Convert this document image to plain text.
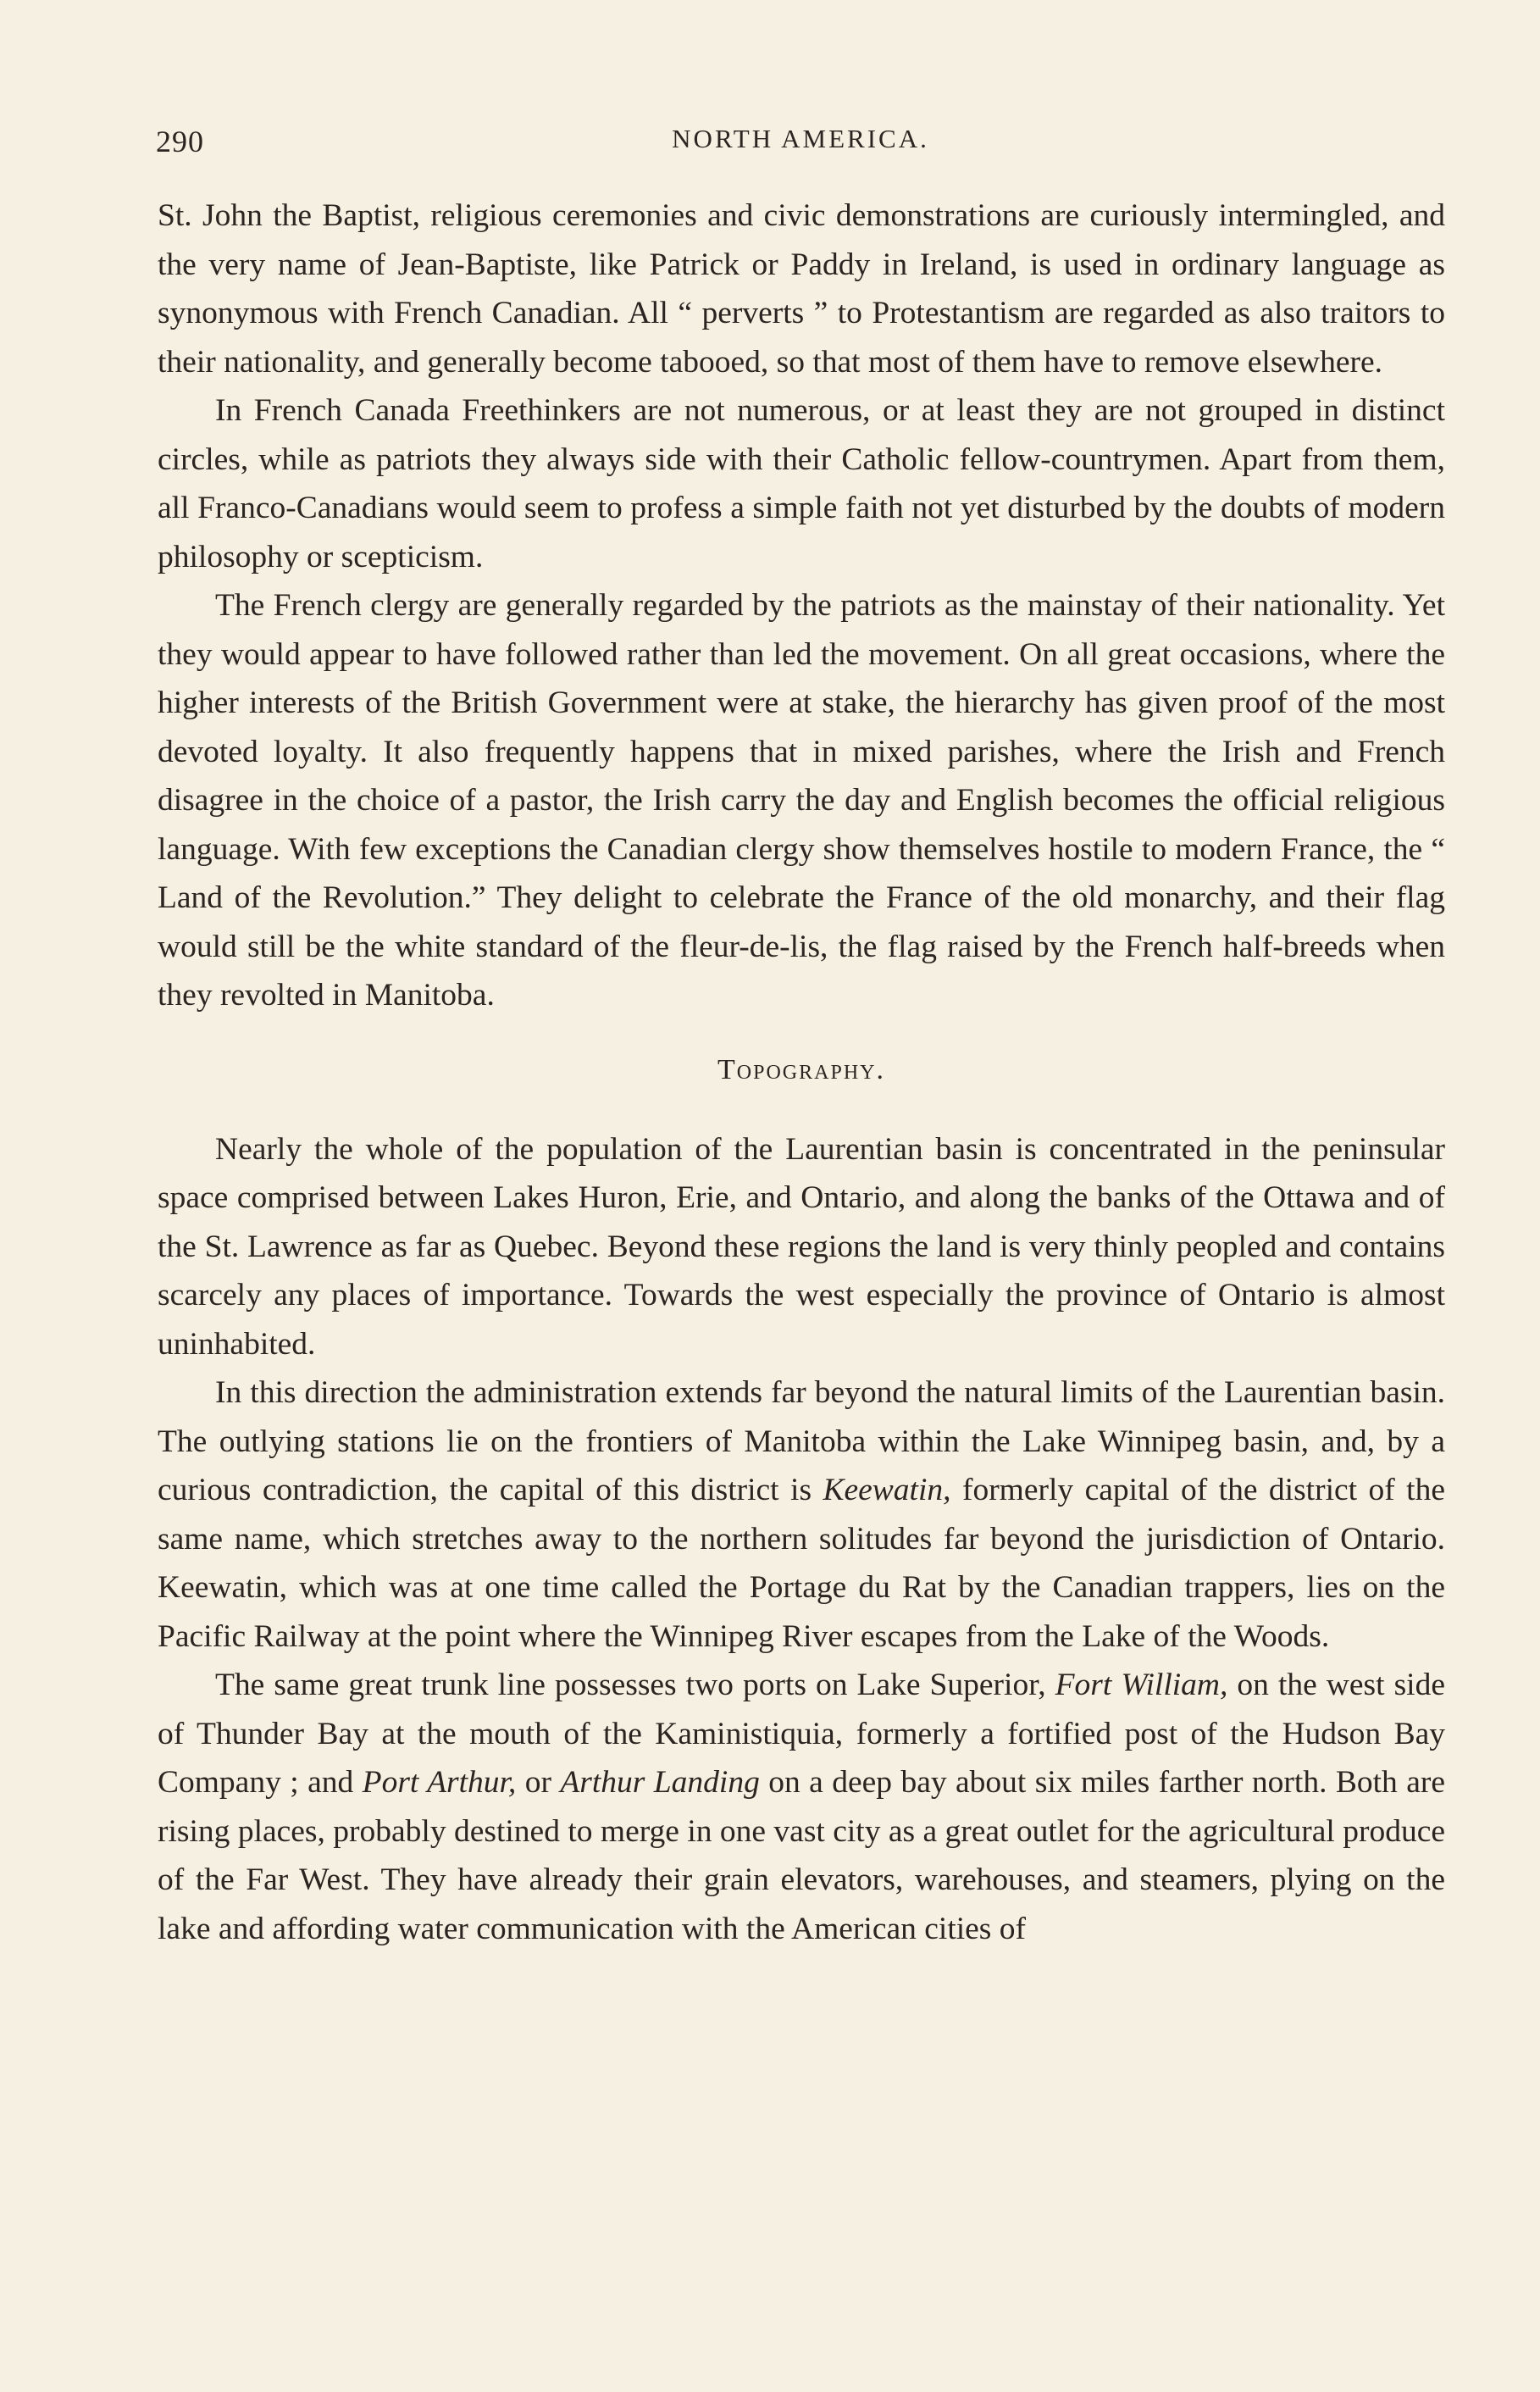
290	NORTH AMERICA.

St. John the Baptist, religious ceremonies and civic demonstrations are curiously intermingled, and the very name of Jean-Baptiste, like Patrick or Paddy in Ireland, is used in ordinary language as synonymous with French Canadian. All “ perverts ” to Protestantism are regarded as also traitors to their nationality, and generally become tabooed, so that most of them have to remove elsewhere.

In French Canada Freethinkers are not numerous, or at least they are not grouped in distinct circles, while as patriots they always side with their Catholic fellow-countrymen. Apart from them, all Franco-Canadians would seem to profess a simple faith not yet disturbed by the doubts of modern philosophy or scepticism.

The French clergy are generally regarded by the patriots as the mainstay of their nationality. Yet they would appear to have followed rather than led the movement. On all great occasions, where the higher interests of the British Government were at stake, the hierarchy has given proof of the most devoted loyalty. It also frequently happens that in mixed parishes, where the Irish and French disagree in the choice of a pastor, the Irish carry the day and English becomes the official religious language. With few exceptions the Canadian clergy show themselves hostile to modern France, the “ Land of the Revolution.” They delight to celebrate the France of the old monarchy, and their flag would still be the white standard of the fleur-de-lis, the flag raised by the French half-breeds when they revolted in Manitoba.

Topography.

Nearly the whole of the population of the Laurentian basin is concentrated in the peninsular space comprised between Lakes Huron, Erie, and Ontario, and along the banks of the Ottawa and of the St. Lawrence as far as Quebec. Beyond these regions the land is very thinly peopled and contains scarcely any places of importance. Towards the west especially the province of Ontario is almost uninhabited.

In this direction the administration extends far beyond the natural limits of the Laurentian basin. The outlying stations lie on the frontiers of Manitoba within the Lake Winnipeg basin, and, by a curious contradiction, the capital of this district is Keewatin, formerly capital of the district of the same name, which stretches away to the northern solitudes far beyond the jurisdiction of Ontario. Keewatin, which was at one time called the Portage du Rat by the Canadian trappers, lies on the Pacific Railway at the point where the Winnipeg River escapes from the Lake of the Woods.

The same great trunk line possesses two ports on Lake Superior, Fort William, on the west side of Thunder Bay at the mouth of the Kaministiquia, formerly a fortified post of the Hudson Bay Company ; and Port Arthur, or Arthur Landing on a deep bay about six miles farther north. Both are rising places, probably destined to merge in one vast city as a great outlet for the agricultural produce of the Far West. They have already their grain elevators, warehouses, and steamers, plying on the lake and affording water communication with the American cities of
